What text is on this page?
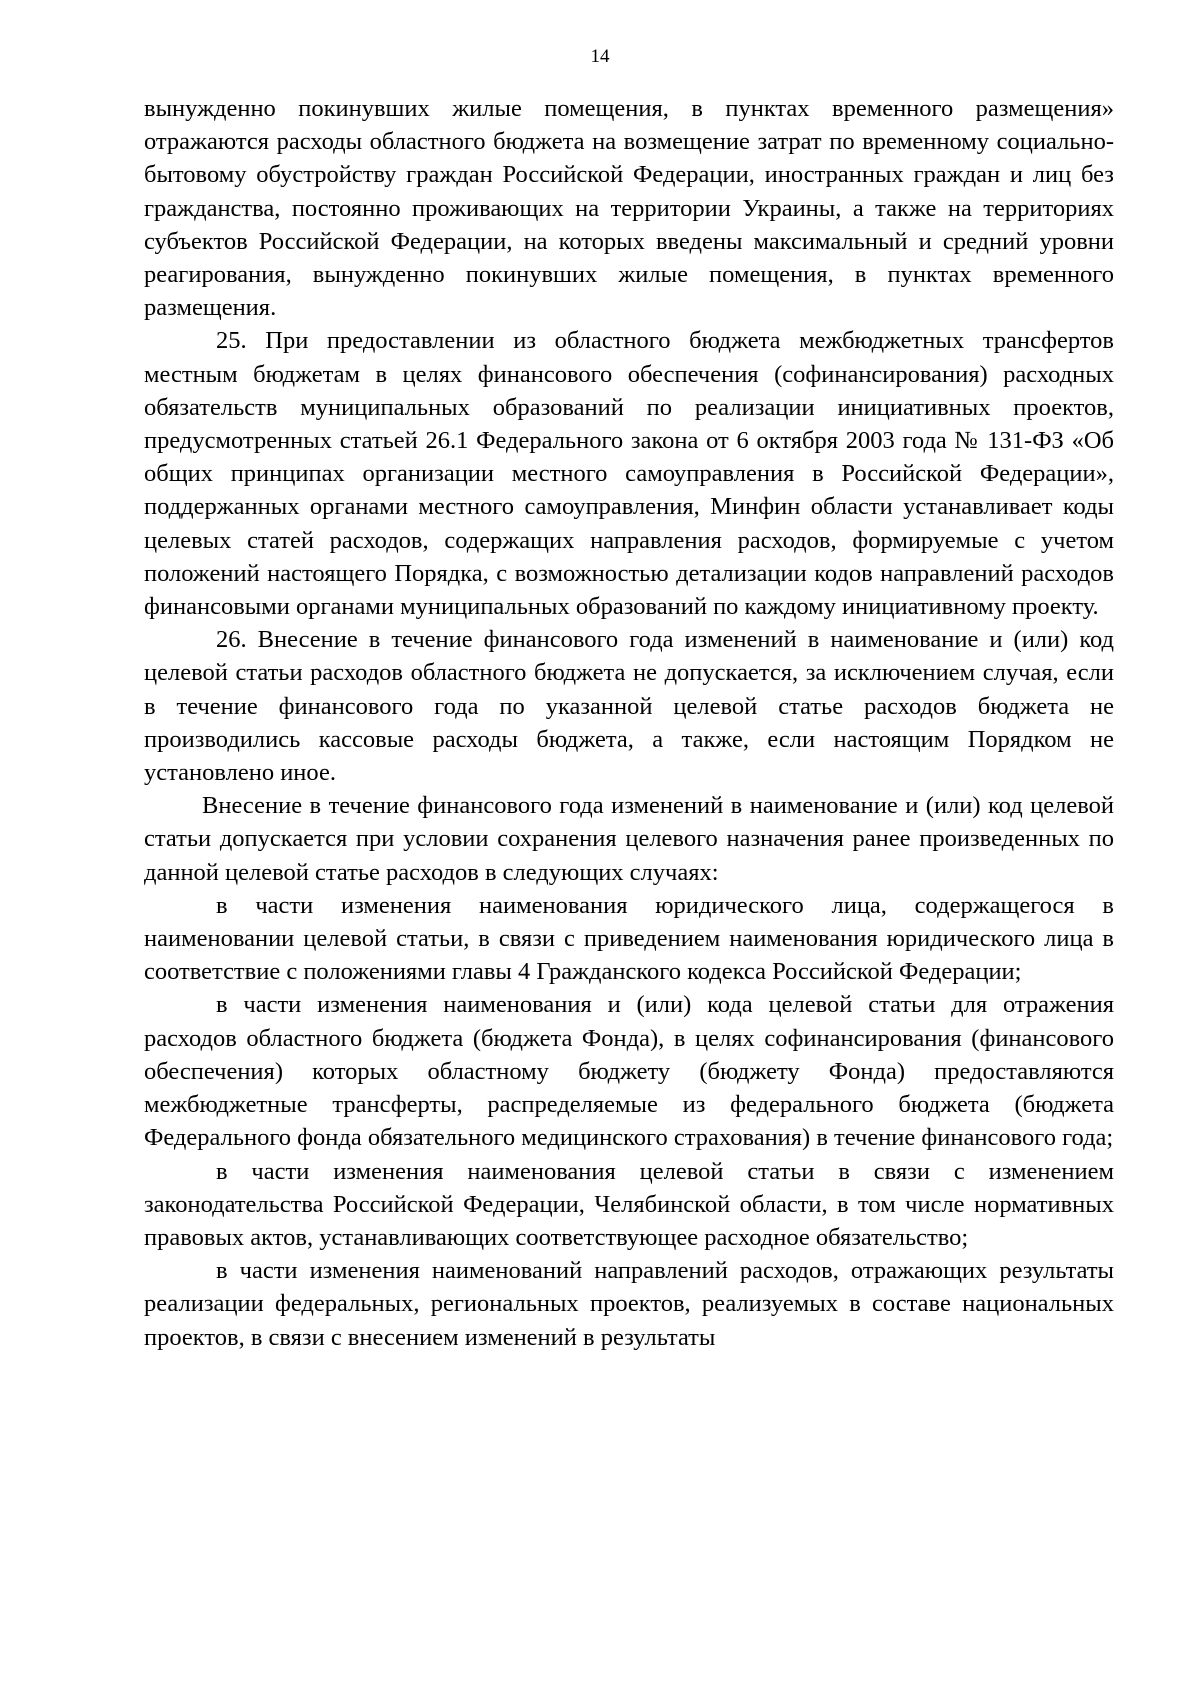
14

вынужденно покинувших жилые помещения, в пунктах временного размещения» отражаются расходы областного бюджета на возмещение затрат по временному социально-бытовому обустройству граждан Российской Федерации, иностранных граждан и лиц без гражданства, постоянно проживающих на территории Украины, а также на территориях субъектов Российской Федерации, на которых введены максимальный и средний уровни реагирования, вынужденно покинувших жилые помещения, в пунктах временного размещения.

25. При предоставлении из областного бюджета межбюджетных трансфертов местным бюджетам в целях финансового обеспечения (софинансирования) расходных обязательств муниципальных образований по реализации инициативных проектов, предусмотренных статьей 26.1 Федерального закона от 6 октября 2003 года № 131-ФЗ «Об общих принципах организации местного самоуправления в Российской Федерации», поддержанных органами местного самоуправления, Минфин области устанавливает коды целевых статей расходов, содержащих направления расходов, формируемые с учетом положений настоящего Порядка, с возможностью детализации кодов направлений расходов финансовыми органами муниципальных образований по каждому инициативному проекту.

26. Внесение в течение финансового года изменений в наименование и (или) код целевой статьи расходов областного бюджета не допускается, за исключением случая, если в течение финансового года по указанной целевой статье расходов бюджета не производились кассовые расходы бюджета, а также, если настоящим Порядком не установлено иное.

Внесение в течение финансового года изменений в наименование и (или) код целевой статьи допускается при условии сохранения целевого назначения ранее произведенных по данной целевой статье расходов в следующих случаях:

в части изменения наименования юридического лица, содержащегося в наименовании целевой статьи, в связи с приведением наименования юридического лица в соответствие с положениями главы 4 Гражданского кодекса Российской Федерации;

в части изменения наименования и (или) кода целевой статьи для отражения расходов областного бюджета (бюджета Фонда), в целях софинансирования (финансового обеспечения) которых областному бюджету (бюджету Фонда) предоставляются межбюджетные трансферты, распределяемые из федерального бюджета (бюджета Федерального фонда обязательного медицинского страхования) в течение финансового года;

в части изменения наименования целевой статьи в связи с изменением законодательства Российской Федерации, Челябинской области, в том числе нормативных правовых актов, устанавливающих соответствующее расходное обязательство;

в части изменения наименований направлений расходов, отражающих результаты реализации федеральных, региональных проектов, реализуемых в составе национальных проектов, в связи с внесением изменений в результаты
